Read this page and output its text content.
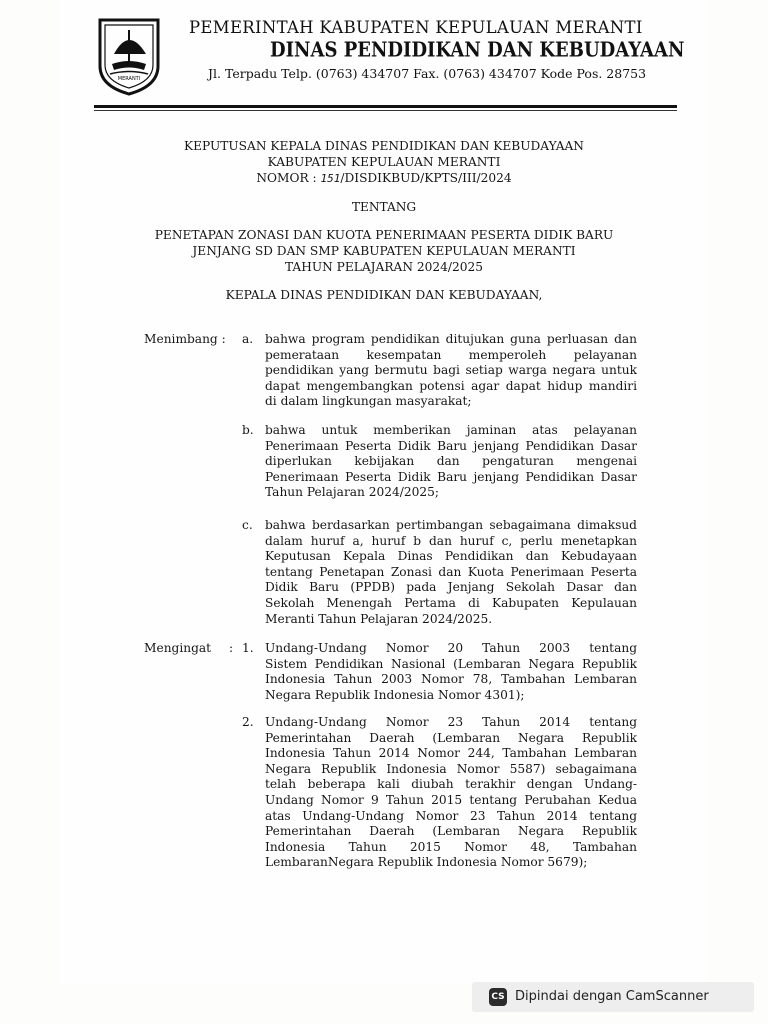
MERANTI
PEMERINTAH KABUPATEN KEPULAUAN MERANTI
DINAS PENDIDIKAN DAN KEBUDAYAAN
Jl. Terpadu Telp. (0763) 434707 Fax. (0763) 434707 Kode Pos. 28753
KEPUTUSAN KEPALA DINAS PENDIDIKAN DAN KEBUDAYAAN
KABUPATEN KEPULAUAN MERANTI
NOMOR : 151/DISDIKBUD/KPTS/III/2024
TENTANG
PENETAPAN ZONASI DAN KUOTA PENERIMAAN PESERTA DIDIK BARU
JENJANG SD DAN SMP KABUPATEN KEPULAUAN MERANTI
TAHUN PELAJARAN 2024/2025
KEPALA DINAS PENDIDIKAN DAN KEBUDAYAAN,
Menimbang : a. bahwa program pendidikan ditujukan guna perluasan dan
pemerataan kesempatan memperoleh pelayanan
pendidikan yang bermutu bagi setiap warga negara untuk
dapat mengembangkan potensi agar dapat hidup mandiri
di dalam lingkungan masyarakat;
b. bahwa untuk memberikan jaminan atas pelayanan
Penerimaan Peserta Didik Baru jenjang Pendidikan Dasar
diperlukan kebijakan dan pengaturan mengenai
Penerimaan Peserta Didik Baru jenjang Pendidikan Dasar
Tahun Pelajaran 2024/2025;
c. bahwa berdasarkan pertimbangan sebagaimana dimaksud
dalam huruf a, huruf b dan huruf c, perlu menetapkan
Keputusan Kepala Dinas Pendidikan dan Kebudayaan
tentang Penetapan Zonasi dan Kuota Penerimaan Peserta
Didik Baru (PPDB) pada Jenjang Sekolah Dasar dan
Sekolah Menengah Pertama di Kabupaten Kepulauan
Meranti Tahun Pelajaran 2024/2025.
Mengingat : 1. Undang-Undang Nomor 20 Tahun 2003 tentang
Sistem Pendidikan Nasional (Lembaran Negara Republik
Indonesia Tahun 2003 Nomor 78, Tambahan Lembaran
Negara Republik Indonesia Nomor 4301);
2. Undang-Undang Nomor 23 Tahun 2014 tentang
Pemerintahan Daerah (Lembaran Negara Republik
Indonesia Tahun 2014 Nomor 244, Tambahan Lembaran
Negara Republik Indonesia Nomor 5587) sebagaimana
telah beberapa kali diubah terakhir dengan Undang-
Undang Nomor 9 Tahun 2015 tentang Perubahan Kedua
atas Undang-Undang Nomor 23 Tahun 2014 tentang
Pemerintahan Daerah (Lembaran Negara Republik
Indonesia Tahun 2015 Nomor 48, Tambahan
LembaranNegara Republik Indonesia Nomor 5679);
CS Dipindai dengan CamScanner
